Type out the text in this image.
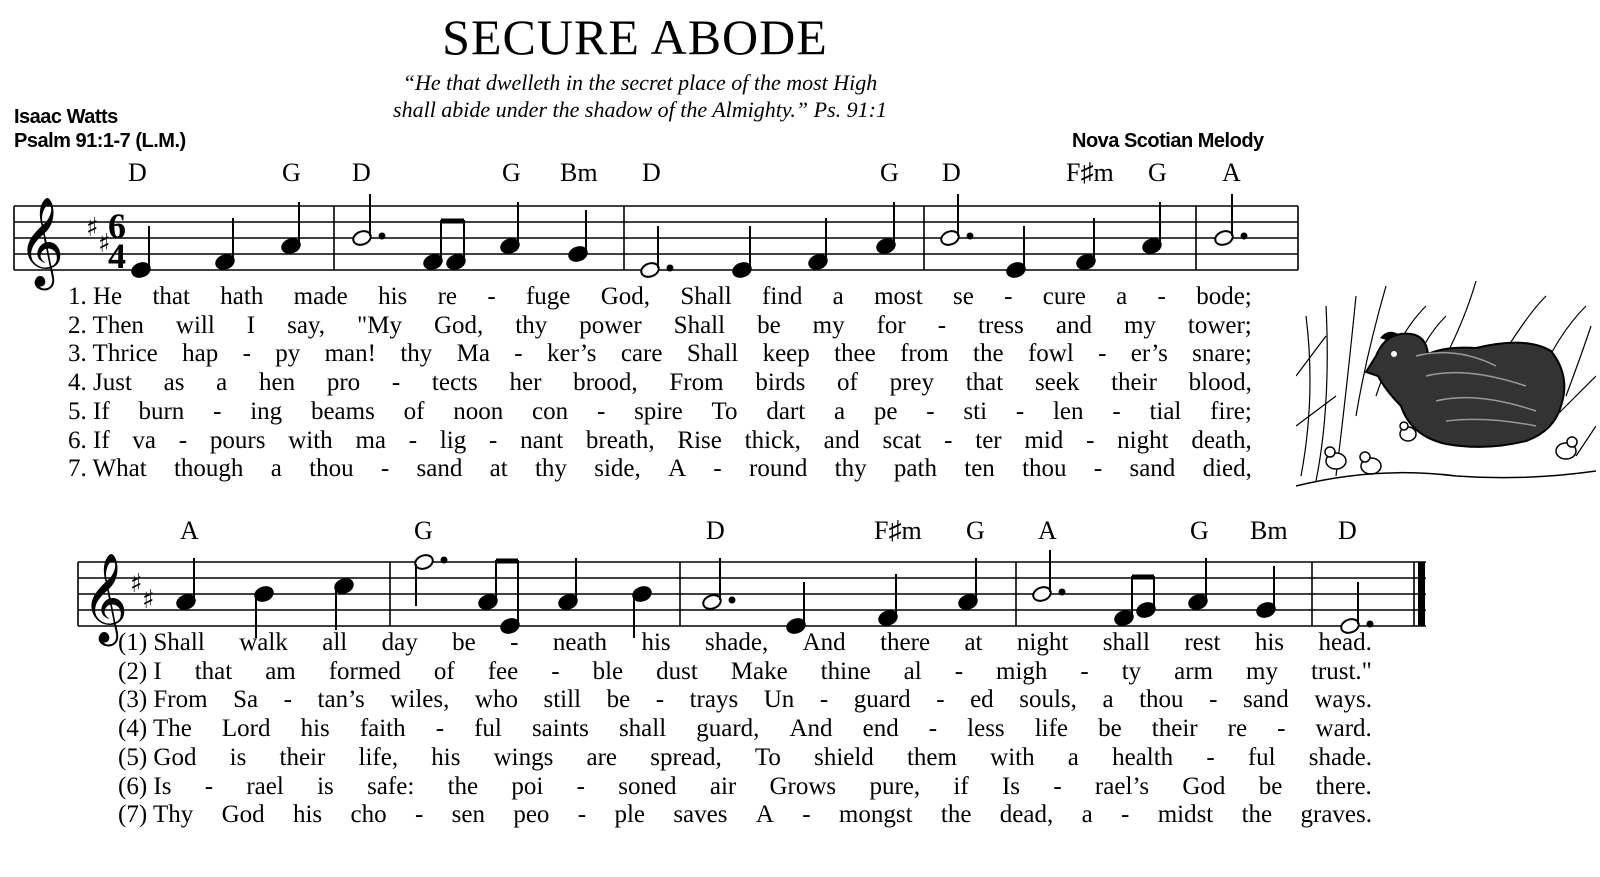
SECURE ABODE
“He that dwelleth in the secret place of the most High
shall abide under the shadow of the Almighty.” Ps. 91:1
Isaac Watts
Psalm 91:1-7 (L.M.)	Nova Scotian Melody
D	G D	G Bm D	G D	F♯m G A
A	G	D	F♯m G A	G Bm D
𝄞 ♯
♯
6
4
𝄞 ♯
♯
1. He that hath made his re - fuge God, Shall find a most se - cure a - bode;
2. Then will I say, "My God, thy power Shall be my for - tress and my tower;
3. Thrice hap - py man! thy Ma - ker’s care Shall keep thee from the fowl - er’s snare;
4. Just as a hen pro - tects her brood, From birds of prey that seek their blood,
5. If burn - ing beams of noon con - spire To dart a pe - sti - len - tial fire;
6. If va - pours with ma - lig - nant breath, Rise thick, and scat - ter mid - night death,
7. What though a thou - sand at thy side, A - round thy path ten thou - sand died,
(1) Shall walk all day be - neath his shade, And there at night shall rest his head.
(2) I that am formed of fee - ble dust Make thine al - migh - ty arm my trust."
(3) From Sa - tan’s wiles, who still be - trays Un - guard - ed souls, a thou - sand ways.
(4) The Lord his faith - ful saints shall guard, And end - less life be their re - ward.
(5) God is their life, his wings are spread, To shield them with a health - ful shade.
(6) Is - rael is safe: the poi - soned air Grows pure, if Is - rael’s God be there.
(7) Thy God his cho - sen peo - ple saves A - mongst the dead, a - midst the graves.
